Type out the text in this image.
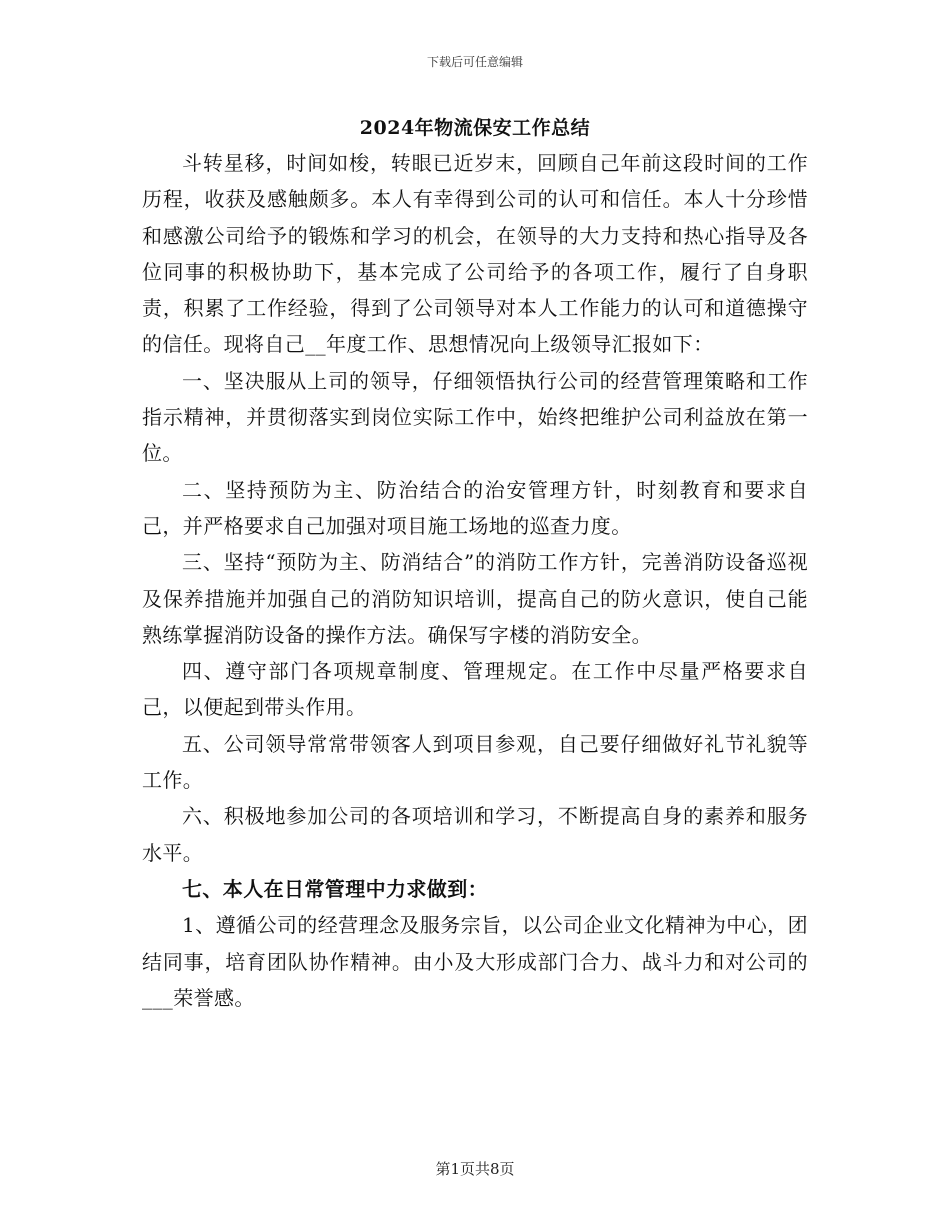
下载后可任意编辑
2024年物流保安工作总结

斗转星移，时间如梭，转眼已近岁末，回顾自己年前这段时间的工作历程，收获及感触颇多。本人有幸得到公司的认可和信任。本人十分珍惜和感激公司给予的锻炼和学习的机会，在领导的大力支持和热心指导及各位同事的积极协助下，基本完成了公司给予的各项工作，履行了自身职责，积累了工作经验，得到了公司领导对本人工作能力的认可和道德操守的信任。现将自己__年度工作、思想情况向上级领导汇报如下：

一、坚决服从上司的领导，仔细领悟执行公司的经营管理策略和工作指示精神，并贯彻落实到岗位实际工作中，始终把维护公司利益放在第一位。

二、坚持预防为主、防治结合的治安管理方针，时刻教育和要求自己，并严格要求自己加强对项目施工场地的巡查力度。

三、坚持“预防为主、防消结合”的消防工作方针，完善消防设备巡视及保养措施并加强自己的消防知识培训，提高自己的防火意识，使自己能熟练掌握消防设备的操作方法。确保写字楼的消防安全。

四、遵守部门各项规章制度、管理规定。在工作中尽量严格要求自己，以便起到带头作用。

五、公司领导常常带领客人到项目参观，自己要仔细做好礼节礼貌等工作。

六、积极地参加公司的各项培训和学习，不断提高自身的素养和服务水平。

七、本人在日常管理中力求做到：

1、遵循公司的经营理念及服务宗旨，以公司企业文化精神为中心，团结同事，培育团队协作精神。由小及大形成部门合力、战斗力和对公司的___荣誉感。

第1页共8页
